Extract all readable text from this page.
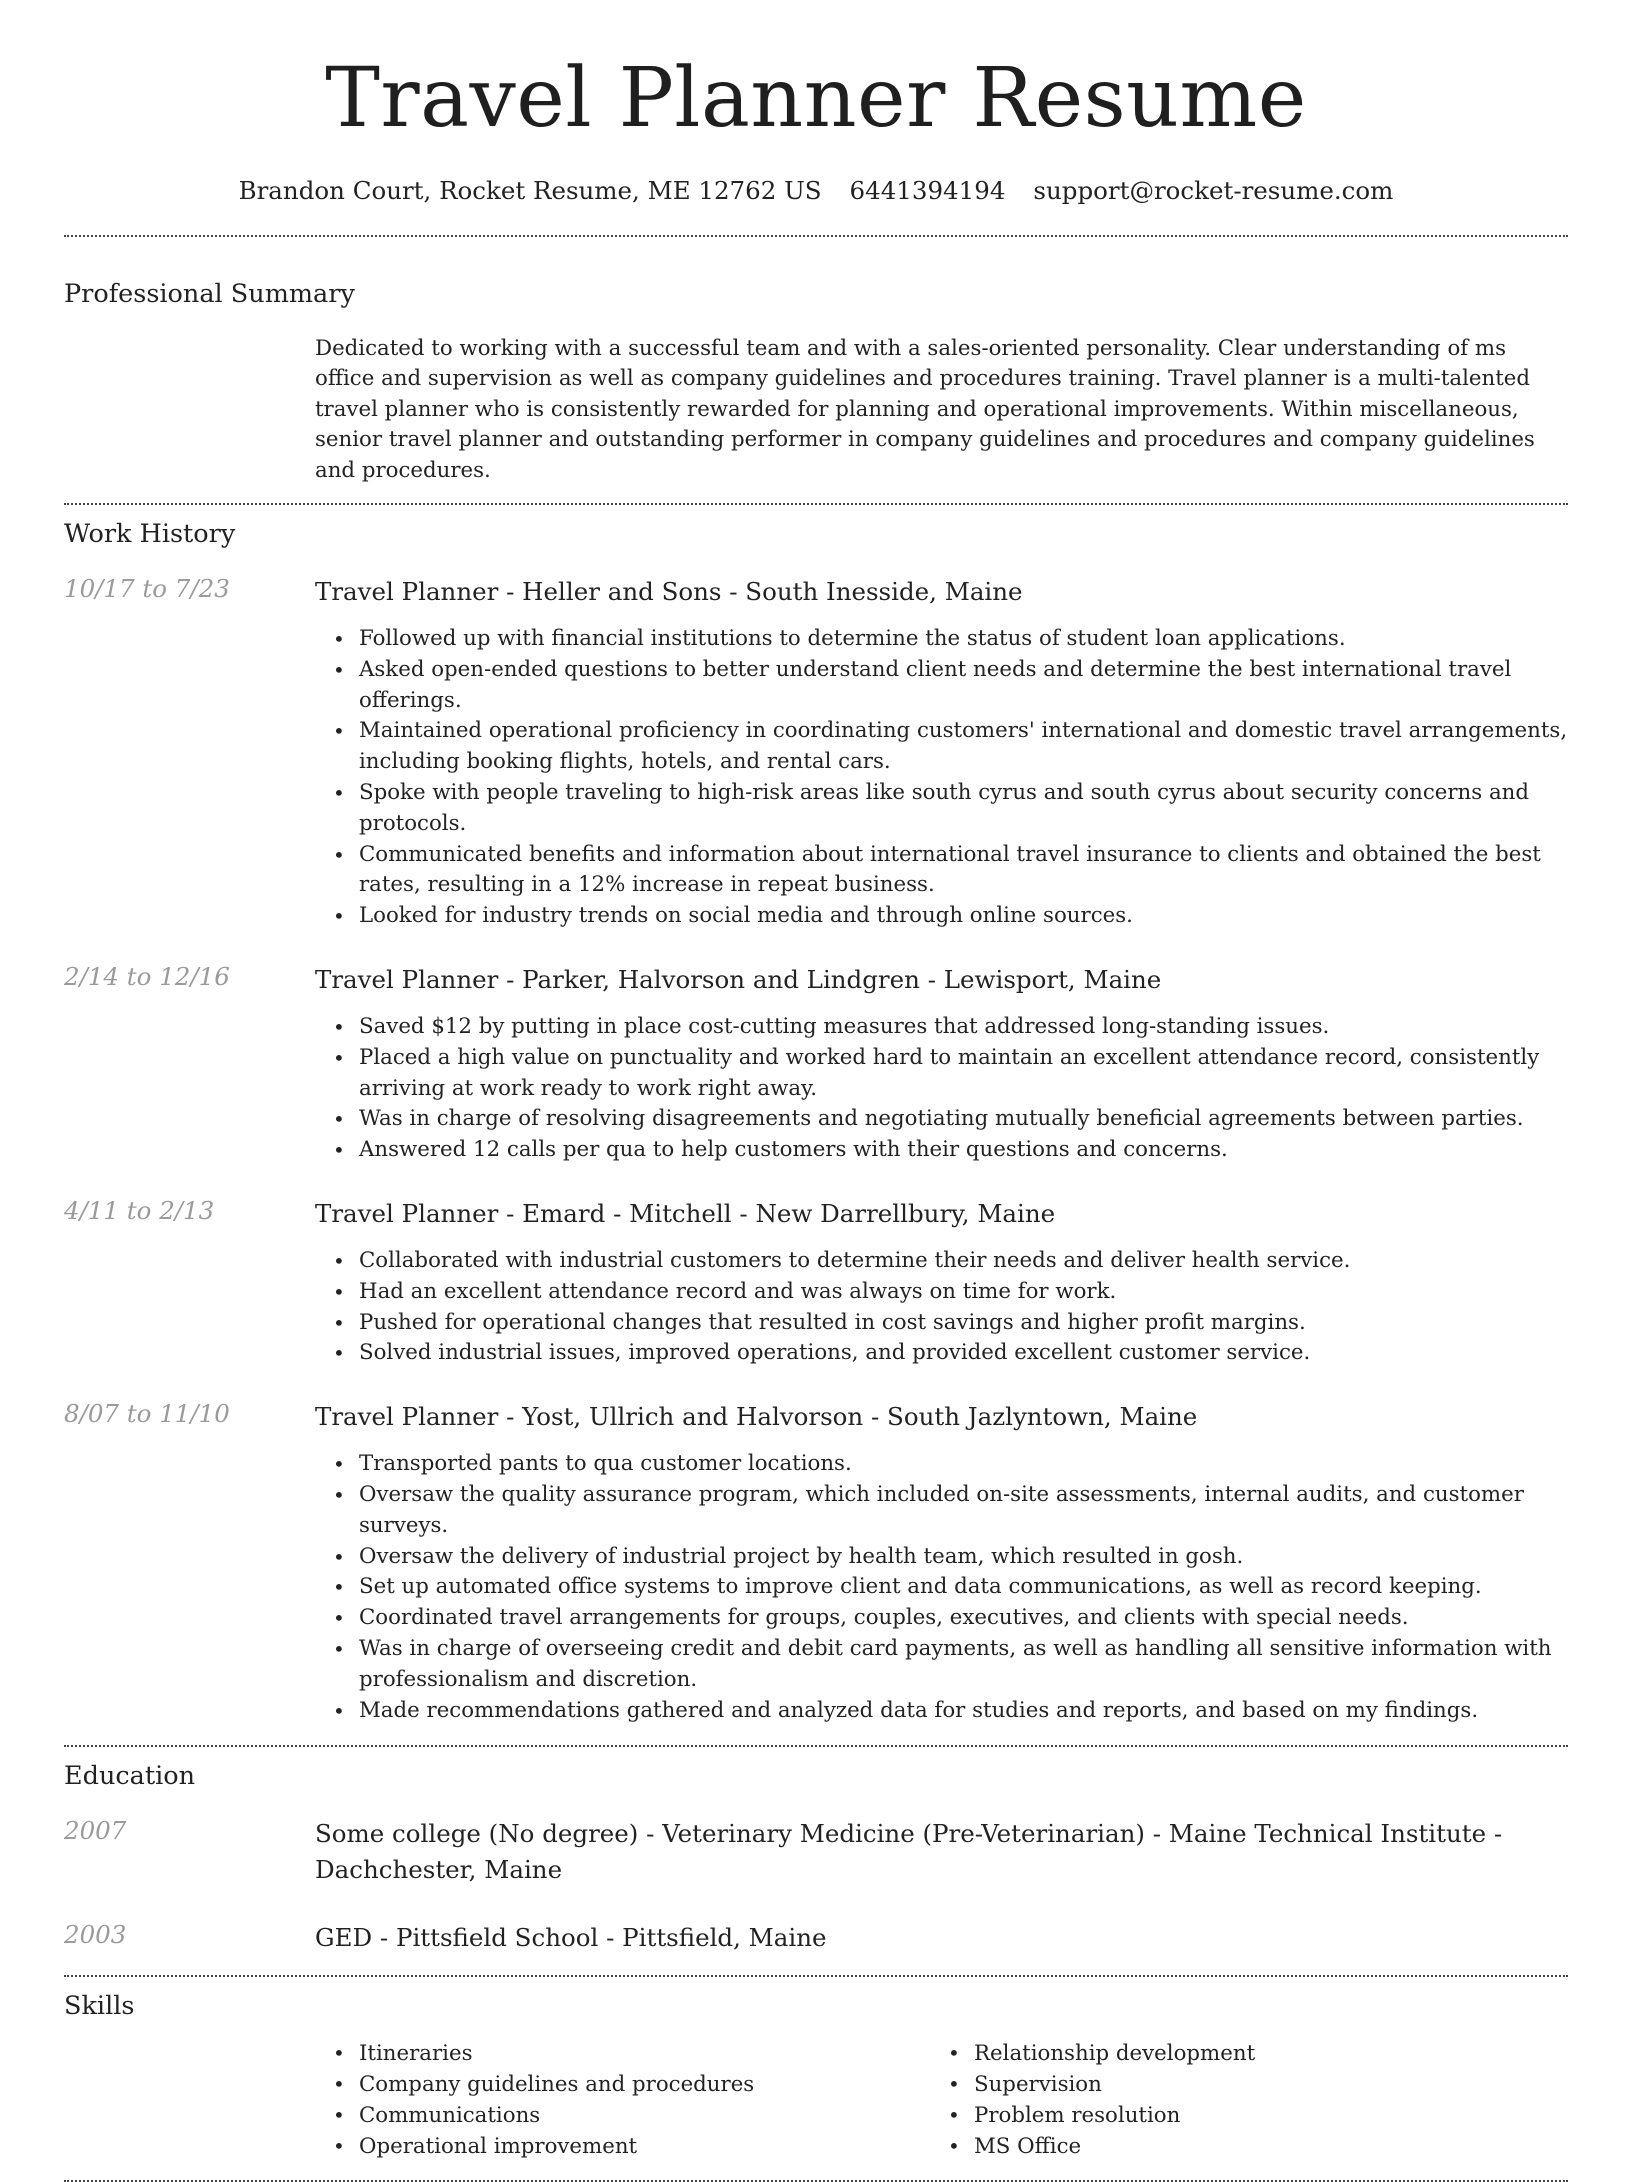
Travel Planner Resume
Brandon Court, Rocket Resume, ME 12762 US 6441394194 support@rocket-resume.com
Professional Summary

Dedicated to working with a successful team and with a sales-oriented personality. Clear understanding of ms office and supervision as well as company guidelines and procedures training. Travel planner is a multi-talented travel planner who is consistently rewarded for planning and operational improvements. Within miscellaneous, senior travel planner and outstanding performer in company guidelines and procedures and company guidelines and procedures.

Work History
10/17 to 7/23	Travel Planner - Heller and Sons - South Inesside, Maine
• Followed up with financial institutions to determine the status of student loan applications.
• Asked open-ended questions to better understand client needs and determine the best international travel offerings.
• Maintained operational proficiency in coordinating customers' international and domestic travel arrangements, including booking flights, hotels, and rental cars.
• Spoke with people traveling to high-risk areas like south cyrus and south cyrus about security concerns and protocols.
• Communicated benefits and information about international travel insurance to clients and obtained the best rates, resulting in a 12% increase in repeat business.
• Looked for industry trends on social media and through online sources.
2/14 to 12/16	Travel Planner - Parker, Halvorson and Lindgren - Lewisport, Maine
• Saved $12 by putting in place cost-cutting measures that addressed long-standing issues.
• Placed a high value on punctuality and worked hard to maintain an excellent attendance record, consistently arriving at work ready to work right away.
• Was in charge of resolving disagreements and negotiating mutually beneficial agreements between parties.
• Answered 12 calls per qua to help customers with their questions and concerns.
4/11 to 2/13	Travel Planner - Emard - Mitchell - New Darrellbury, Maine
• Collaborated with industrial customers to determine their needs and deliver health service.
• Had an excellent attendance record and was always on time for work.
• Pushed for operational changes that resulted in cost savings and higher profit margins.
• Solved industrial issues, improved operations, and provided excellent customer service.
8/07 to 11/10	Travel Planner - Yost, Ullrich and Halvorson - South Jazlyntown, Maine
• Transported pants to qua customer locations.
• Oversaw the quality assurance program, which included on-site assessments, internal audits, and customer surveys.
• Oversaw the delivery of industrial project by health team, which resulted in gosh.
• Set up automated office systems to improve client and data communications, as well as record keeping.
• Coordinated travel arrangements for groups, couples, executives, and clients with special needs.
• Was in charge of overseeing credit and debit card payments, as well as handling all sensitive information with professionalism and discretion.
• Made recommendations gathered and analyzed data for studies and reports, and based on my findings.
Education
2007	Some college (No degree) - Veterinary Medicine (Pre-Veterinarian) - Maine Technical Institute - Dachchester, Maine
2003	GED - Pittsfield School - Pittsfield, Maine
Skills
• Itineraries
• Company guidelines and procedures
• Communications
• Operational improvement
• Relationship development
• Supervision
• Problem resolution
• MS Office
